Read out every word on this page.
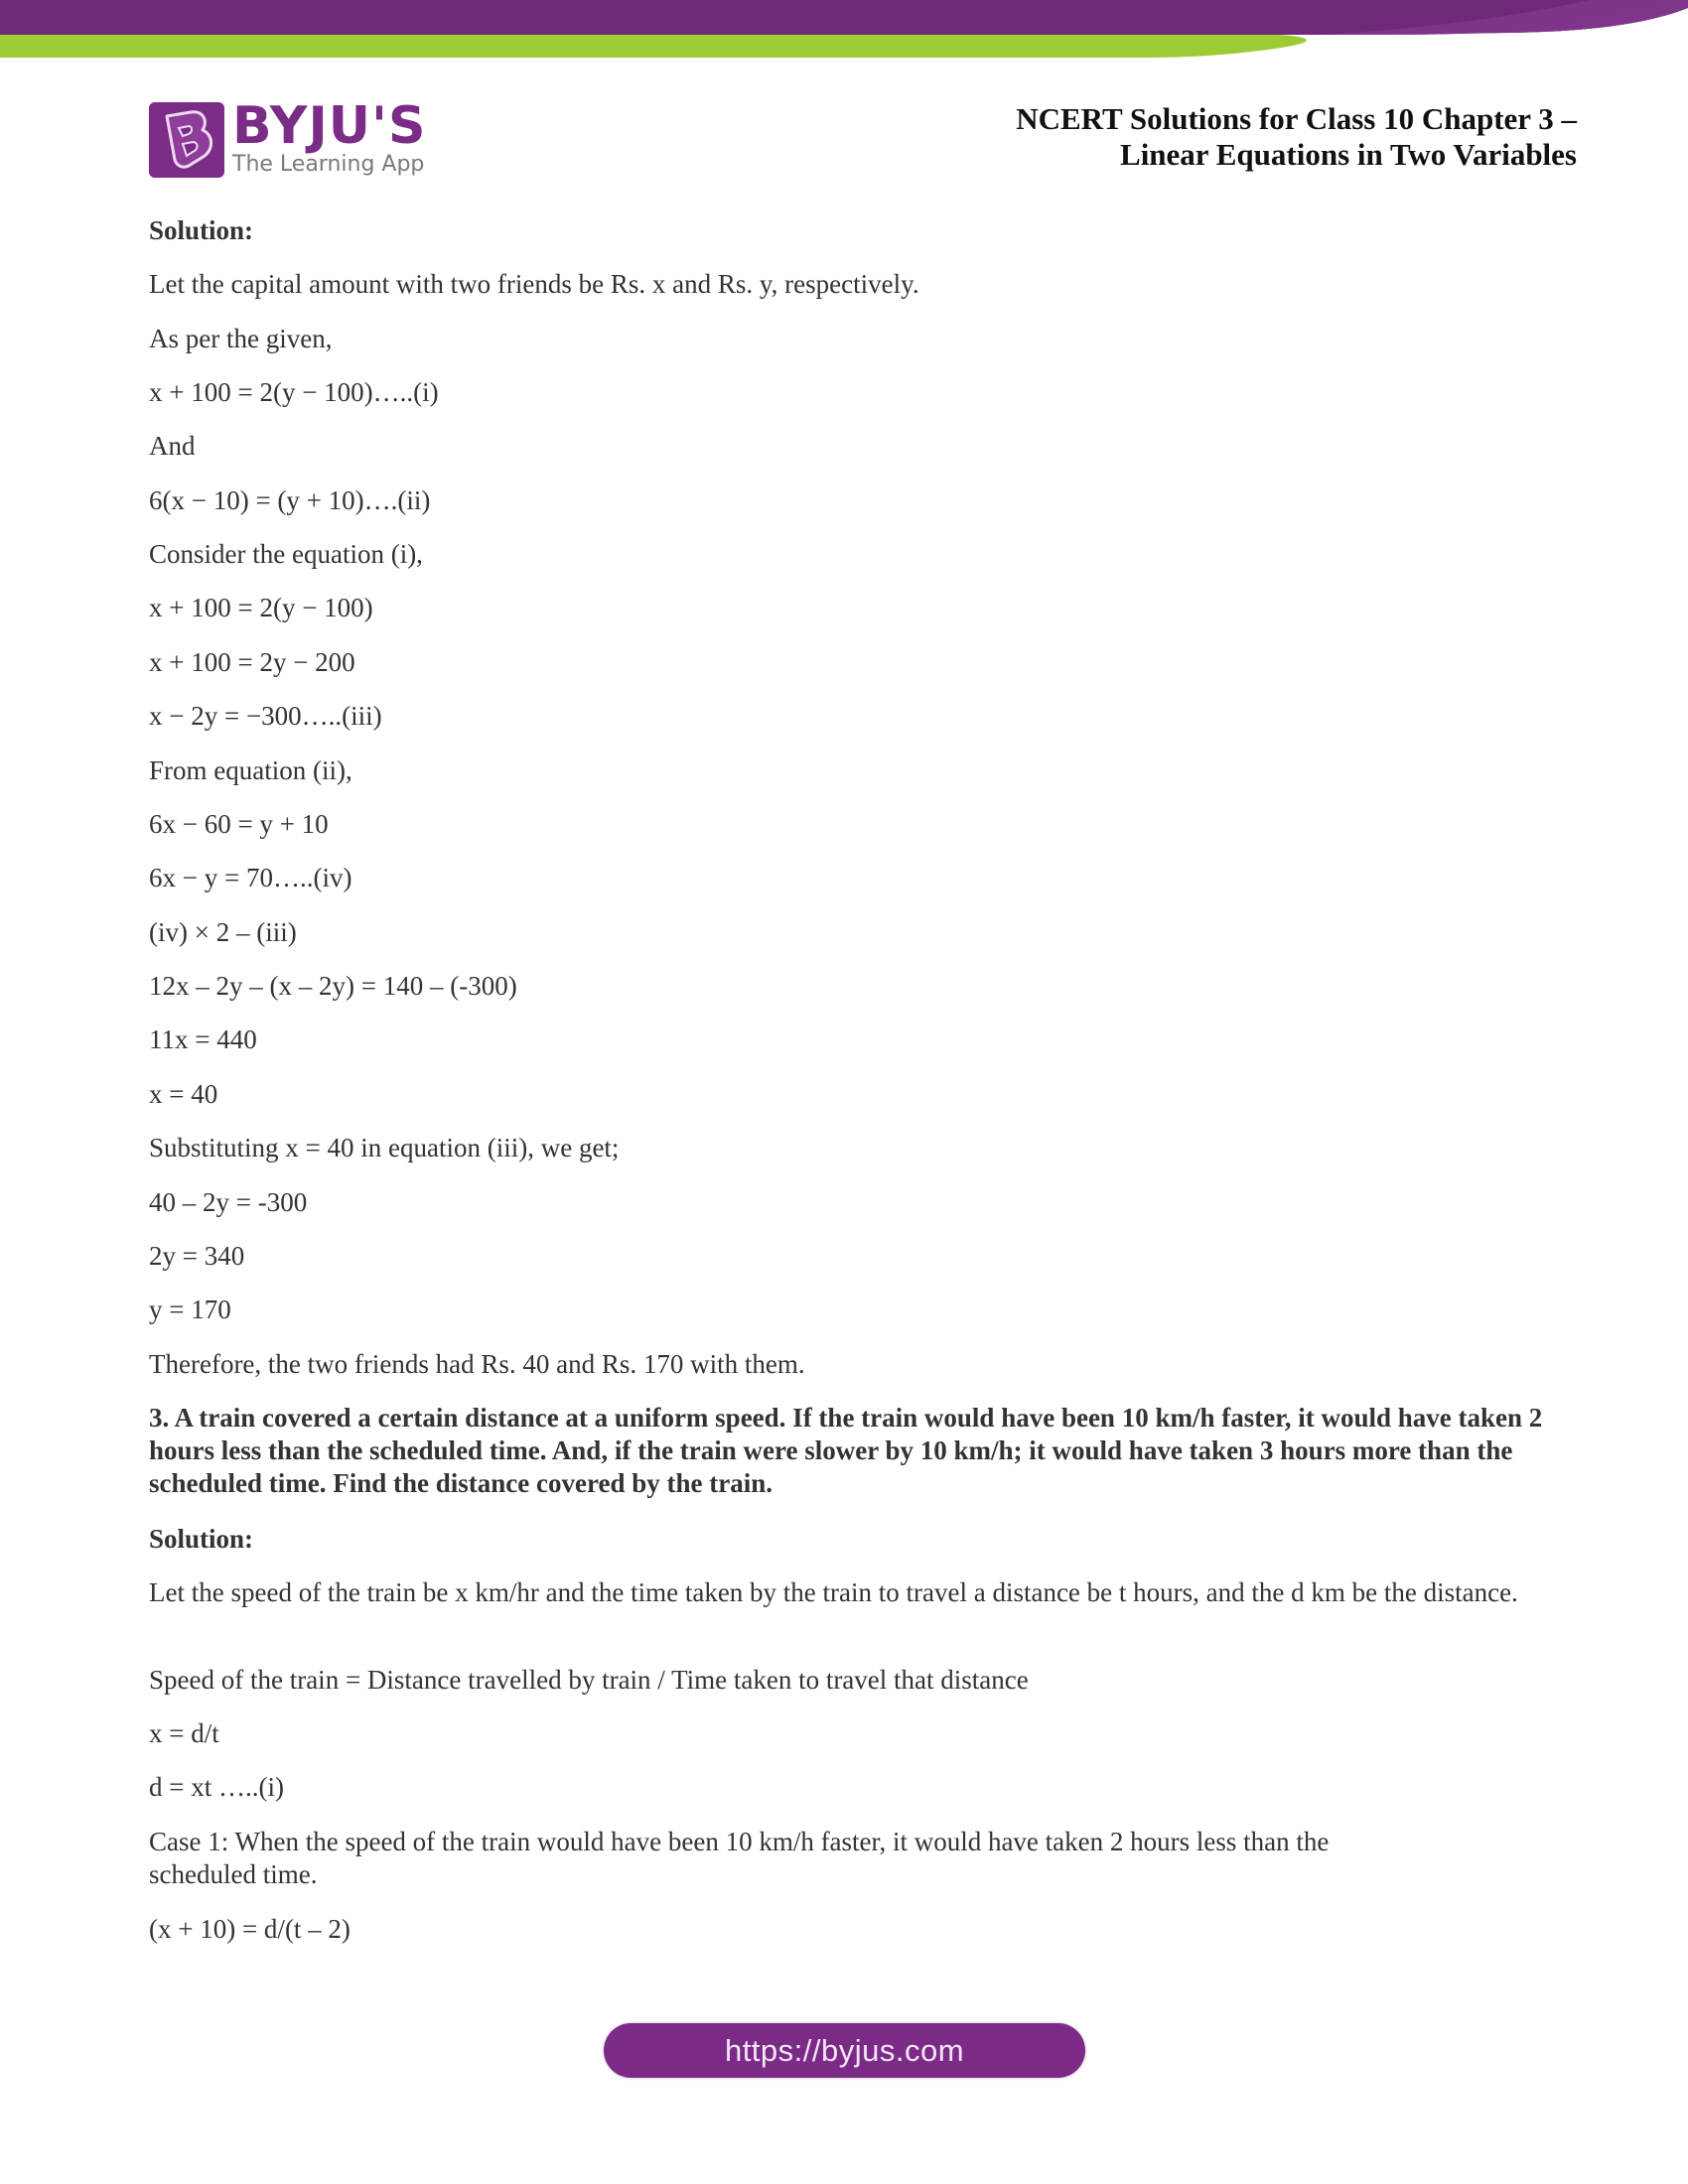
BYJU'S
The Learning App
NCERT Solutions for Class 10 Chapter 3 –
Linear Equations in Two Variables
Solution:
Let the capital amount with two friends be Rs. x and Rs. y, respectively.
As per the given,
x + 100 = 2(y − 100)…..(i)
And
6(x − 10) = (y + 10)….(ii)
Consider the equation (i),
x + 100 = 2(y − 100)
x + 100 = 2y − 200
x − 2y = −300…..(iii)
From equation (ii),
6x − 60 = y + 10
6x − y = 70…..(iv)
(iv) × 2 – (iii)
12x – 2y – (x – 2y) = 140 – (-300)
11x = 440
x = 40
Substituting x = 40 in equation (iii), we get;
40 – 2y = -300
2y = 340
y = 170
Therefore, the two friends had Rs. 40 and Rs. 170 with them.
3. A train covered a certain distance at a uniform speed. If the train would have been 10 km/h faster, it would have taken 2 hours less than the scheduled time. And, if the train were slower by 10 km/h; it would have taken 3 hours more than the scheduled time. Find the distance covered by the train.
Solution:
Let the speed of the train be x km/hr and the time taken by the train to travel a distance be t hours, and the d km be the distance.
Speed of the train = Distance travelled by train / Time taken to travel that distance
x = d/t
d = xt …..(i)
Case 1: When the speed of the train would have been 10 km/h faster, it would have taken 2 hours less than the scheduled time.
(x + 10) = d/(t – 2)
https://byjus.com
